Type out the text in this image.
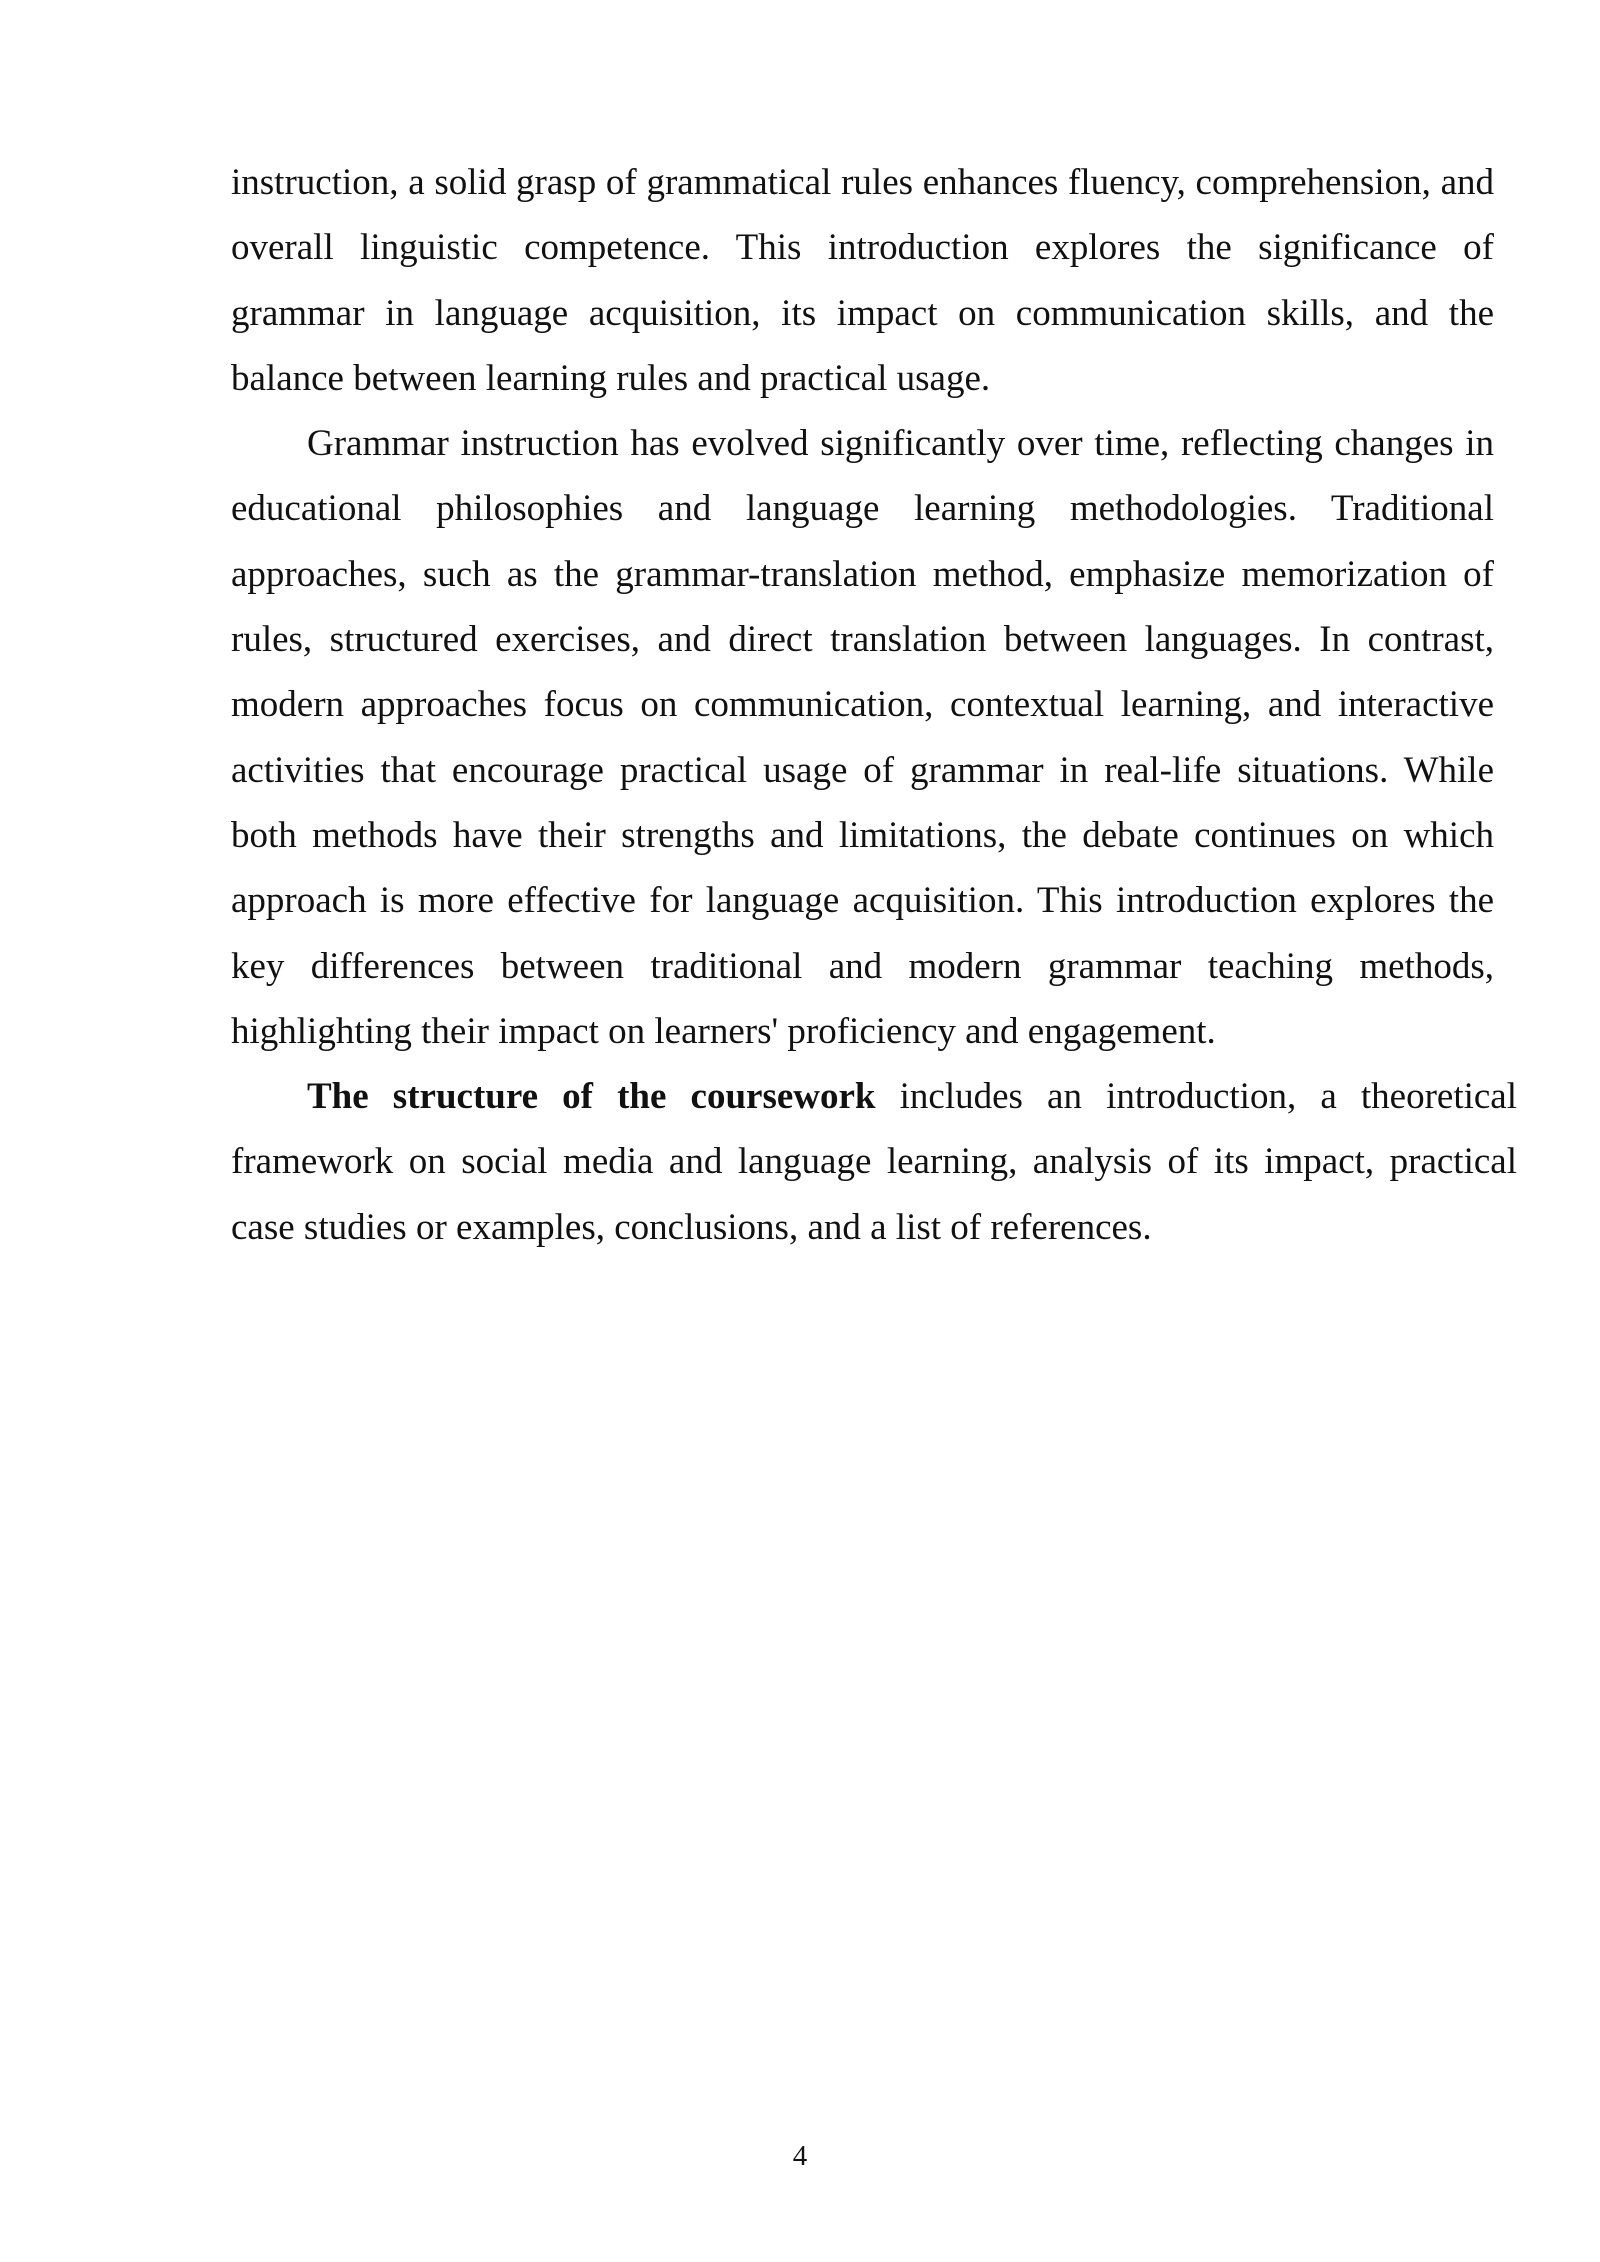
instruction, a solid grasp of grammatical rules enhances fluency, comprehension, and overall linguistic competence. This introduction explores the significance of grammar in language acquisition, its impact on communication skills, and the balance between learning rules and practical usage.

Grammar instruction has evolved significantly over time, reflecting changes in educational philosophies and language learning methodologies. Traditional approaches, such as the grammar-translation method, emphasize memorization of rules, structured exercises, and direct translation between languages. In contrast, modern approaches focus on communication, contextual learning, and interactive activities that encourage practical usage of grammar in real-life situations. While both methods have their strengths and limitations, the debate continues on which approach is more effective for language acquisition. This introduction explores the key differences between traditional and modern grammar teaching methods, highlighting their impact on learners' proficiency and engagement.

The structure of the coursework includes an introduction, a theoretical framework on social media and language learning, analysis of its impact, practical case studies or examples, conclusions, and a list of references.

4
